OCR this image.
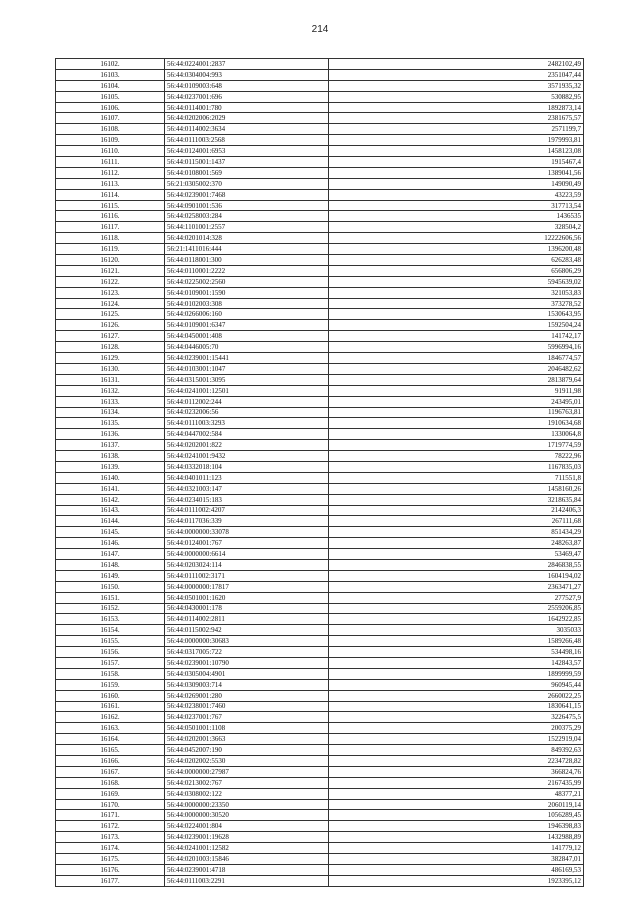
214
16102.	56:44:0224001:2837	2482102,49
16103.	56:44:0304004:993	2351047,44
16104.	56:44:0109003:648	3571935,32
16105.	56:44:0237001:696	530882,95
16106.	56:44:0114001:780	1892873,14
16107.	56:44:0202006:2029	2381675,57
16108.	56:44:0114002:3634	2571199,7
16109.	56:44:0111003:2568	1979993,81
16110.	56:44:0124001:6953	1458123,08
16111.	56:44:0115001:1437	1915467,4
16112.	56:44:0108001:569	1389041,56
16113.	56:21:0305002:370	149090,49
16114.	56:44:0239001:7468	43223,59
16115.	56:44:0901001:536	317713,54
16116.	56:44:0258003:284	1436535
16117.	56:44:1101001:2557	328504,2
16118.	56:44:0201014:328	12222606,56
16119.	56:21:1411016:444	1396200,48
16120.	56:44:0118001:300	626283,48
16121.	56:44:0110001:2222	656806,29
16122.	56:44:0225002:2560	5945639,02
16123.	56:44:0109001:1590	321053,83
16124.	56:44:0102003:308	373278,52
16125.	56:44:0266006:160	1530643,95
16126.	56:44:0109001:6347	1592504,24
16127.	56:44:0450001:408	141742,17
16128.	56:44:0446005:70	5996994,16
16129.	56:44:0239001:15441	1846774,57
16130.	56:44:0103001:1047	2046482,62
16131.	56:44:0315001:3095	2813879,64
16132.	56:44:0241001:12501	91911,98
16133.	56:44:0112002:244	243495,01
16134.	56:44:0232006:56	1196763,81
16135.	56:44:0111003:3293	1910634,68
16136.	56:44:0447002:584	1330064,8
16137.	56:44:0202001:822	1719774,59
16138.	56:44:0241001:9432	78222,96
16139.	56:44:0332018:104	1167835,03
16140.	56:44:0401011:123	711551,8
16141.	56:44:0321003:147	1458160,26
16142.	56:44:0234015:183	3218635,84
16143.	56:44:0111002:4207	2142406,3
16144.	56:44:0117036:339	267111,68
16145.	56:44:0000000:33078	851434,29
16146.	56:44:0124001:767	248263,87
16147.	56:44:0000000:6614	53469,47
16148.	56:44:0203024:114	2846838,55
16149.	56:44:0111002:3171	1604194,02
16150.	56:44:0000000:17817	2363471,27
16151.	56:44:0501001:1620	277527,9
16152.	56:44:0430001:178	2559206,85
16153.	56:44:0114002:2811	1642922,85
16154.	56:44:0115002:942	3035033
16155.	56:44:0000000:30683	1589266,48
16156.	56:44:0317005:722	534498,16
16157.	56:44:0239001:10790	142843,57
16158.	56:44:0305004:4901	1899999,59
16159.	56:44:0309003:714	960945,44
16160.	56:44:0269001:280	2660022,25
16161.	56:44:0238001:7460	1830641,15
16162.	56:44:0237001:767	3226475,5
16163.	56:44:0501001:1108	200375,29
16164.	56:44:0202001:3663	1522919,04
16165.	56:44:0452007:190	849392,63
16166.	56:44:0202002:5530	2234728,82
16167.	56:44:0000000:27987	366824,76
16168.	56:44:0213002:767	2167435,99
16169.	56:44:0308002:122	48377,21
16170.	56:44:0000000:23350	2060119,14
16171.	56:44:0000000:30520	1056289,45
16172.	56:44:0224001:804	1946398,83
16173.	56:44:0239001:19628	1432988,89
16174.	56:44:0241001:12582	141779,12
16175.	56:44:0201003:15846	382847,01
16176.	56:44:0239001:4718	486169,53
16177.	56:44:0111003:2291	1923395,12
